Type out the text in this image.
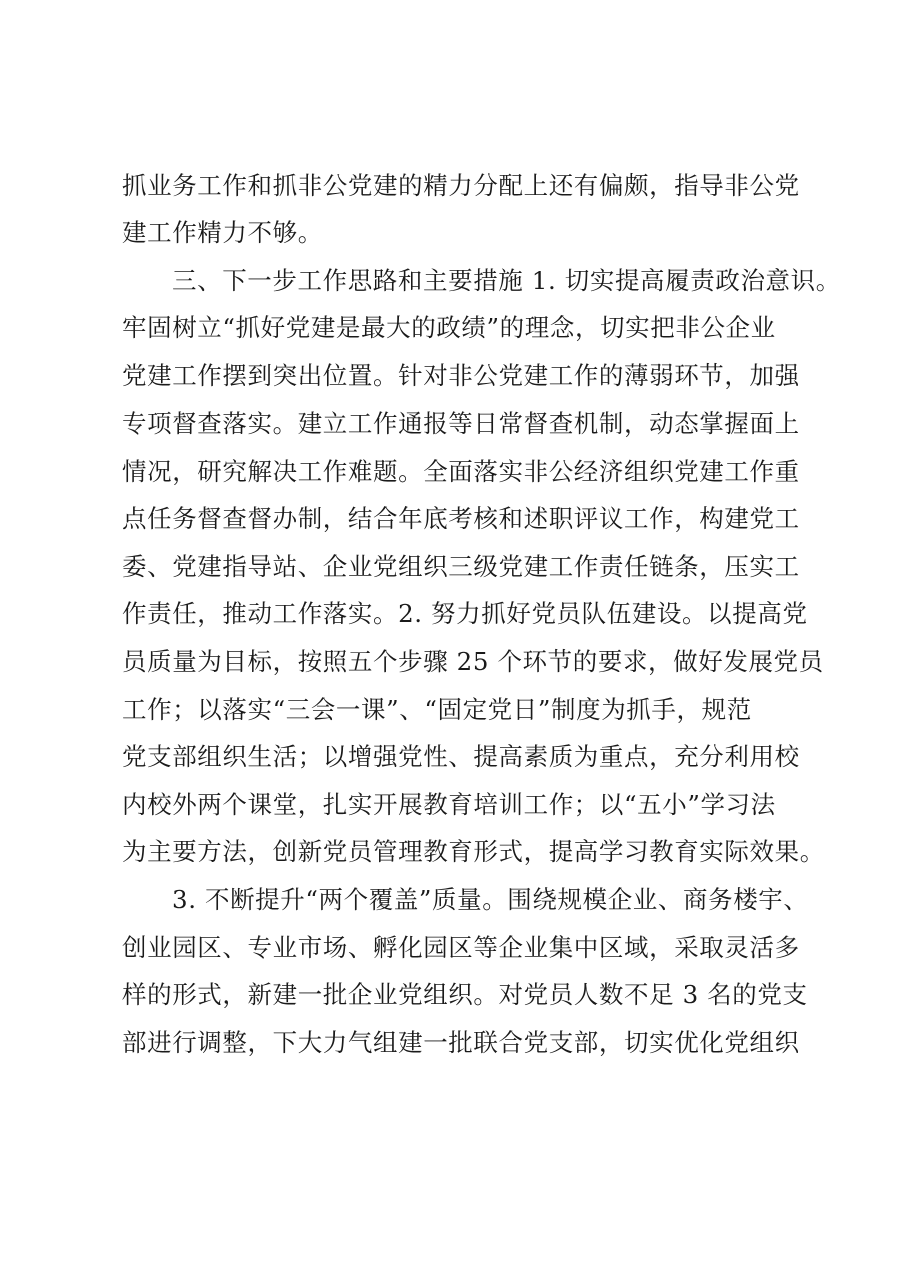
抓业务工作和抓非公党建的精力分配上还有偏颇，指导非公党
建工作精力不够。
三、下一步工作思路和主要措施 1. 切实提高履责政治意识。
牢固树立“抓好党建是最大的政绩”的理念，切实把非公企业
党建工作摆到突出位置。针对非公党建工作的薄弱环节，加强
专项督查落实。建立工作通报等日常督查机制，动态掌握面上
情况，研究解决工作难题。全面落实非公经济组织党建工作重
点任务督查督办制，结合年底考核和述职评议工作，构建党工
委、党建指导站、企业党组织三级党建工作责任链条，压实工
作责任，推动工作落实。2. 努力抓好党员队伍建设。以提高党
员质量为目标，按照五个步骤 25 个环节的要求，做好发展党员
工作；以落实“三会一课”、“固定党日”制度为抓手，规范
党支部组织生活；以增强党性、提高素质为重点，充分利用校
内校外两个课堂，扎实开展教育培训工作；以“五小”学习法
为主要方法，创新党员管理教育形式，提高学习教育实际效果。
3. 不断提升“两个覆盖”质量。围绕规模企业、商务楼宇、
创业园区、专业市场、孵化园区等企业集中区域，采取灵活多
样的形式，新建一批企业党组织。对党员人数不足 3 名的党支
部进行调整，下大力气组建一批联合党支部，切实优化党组织
